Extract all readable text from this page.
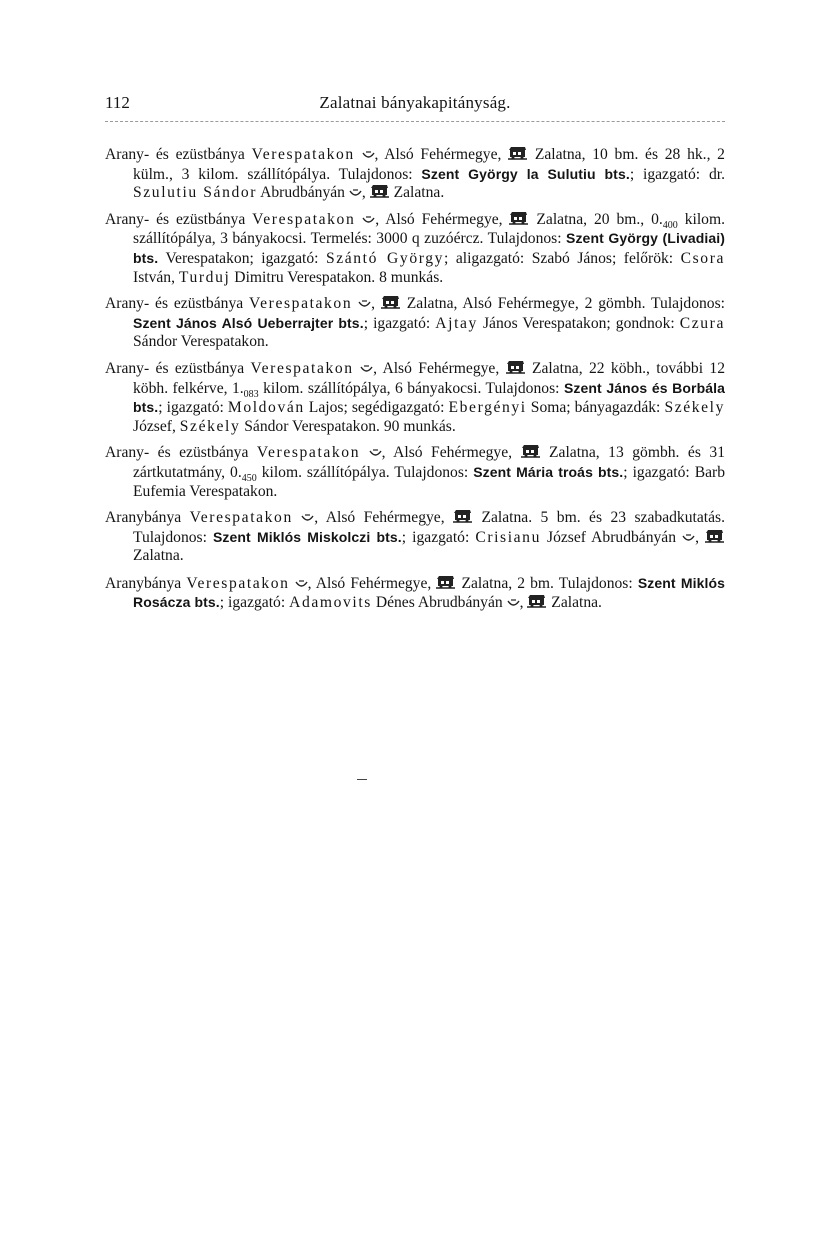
112	Zalatnai bányakapitányság.

Arany- és ezüstbánya Verespatakon , Alsó Fehérmegye,
Zalatna, 10 bm. és 28 hk., 2 külm., 3 kilom. szállítópálya. Tulajdonos: Szent György la Sulutiu bts.; igazgató: dr. Szulutiu Sándor Abrudbányán
,
Zalatna.

Arany- és ezüstbánya Verespatakon , Alsó Fehérmegye,
Zalatna, 20 bm., $0._{400}$ kilom. szállítópálya, 3 bányakocsi. Termelés: 3000 q zuzóércz. Tulajdonos: Szent György (Livadiai) bts. Verespatakon; igazgató: Szántó György; aligazgató: Szabó János; felőrök: Csora István, Turduj Dimitru Verespatakon. 8 munkás.

Arany- és ezüstbánya Verespatakon ,
Zalatna, Alsó Fehérmegye, 2 gömbh. Tulajdonos: Szent János Alsó Ueberrajter bts.; igazgató: Ajtay János Verespatakon; gondnok: Czura Sándor Verespatakon.

Arany- és ezüstbánya Verespatakon , Alsó Fehérmegye,
Zalatna, 22 köbh., további 12 köbh. felkérve, $1._{083}$ kilom. szállítópálya, 6 bányakocsi. Tulajdonos: Szent János és Borbála bts.; igazgató: Moldován Lajos; segédigazgató: Ebergényi Soma; bányagazdák: Székely József, Székely Sándor Verespatakon. 90 munkás.

Arany- és ezüstbánya Verespatakon , Alsó Fehérmegye,
Zalatna, 13 gömbh. és 31 zártkutatmány, $0._{450}$ kilom. szállítópálya. Tulajdonos: Szent Mária troás bts.; igazgató: Barb Eufemia Verespatakon.

Aranybánya Verespatakon , Alsó Fehérmegye,
Zalatna. 5 bm. és 23 szabadkutatás. Tulajdonos: Szent Miklós Miskolczi bts.; igazgató: Crisianu József Abrudbányán
,
Zalatna.

Aranybánya Verespatakon , Alsó Fehérmegye,
Zalatna, 2 bm. Tulajdonos: Szent Miklós Rosácza bts.; igazgató: Adamovits Dénes Abrudbányán
,
Zalatna.
